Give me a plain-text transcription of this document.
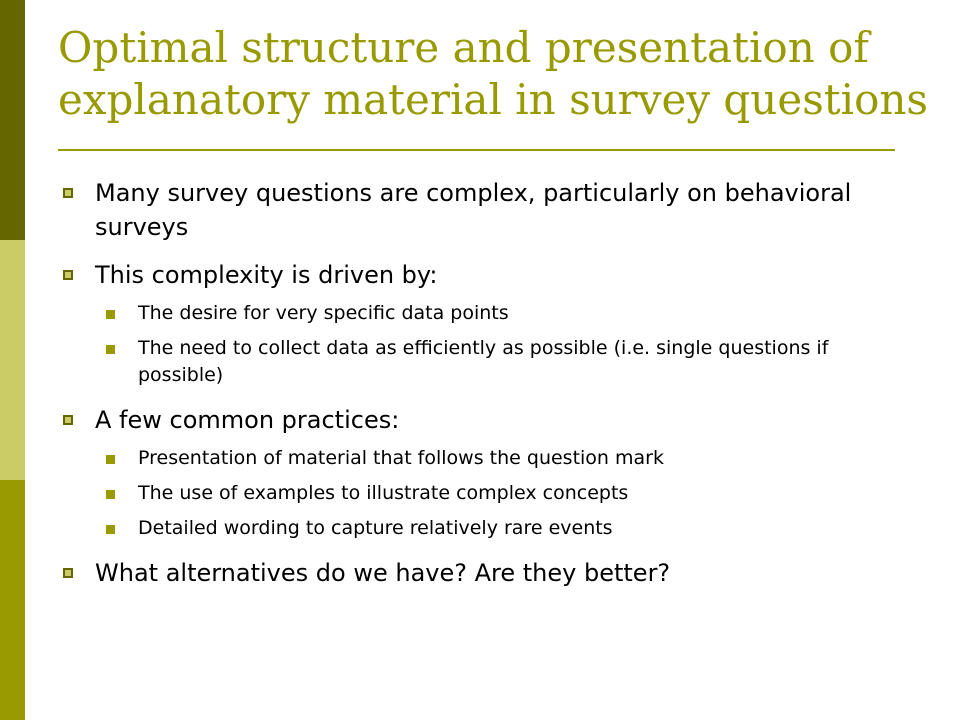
Optimal structure and presentation of explanatory material in survey questions
Many survey questions are complex, particularly on behavioral surveys
This complexity is driven by:
The desire for very specific data points
The need to collect data as efficiently as possible (i.e. single questions if possible)
A few common practices:
Presentation of material that follows the question mark
The use of examples to illustrate complex concepts
Detailed wording to capture relatively rare events
What alternatives do we have? Are they better?
